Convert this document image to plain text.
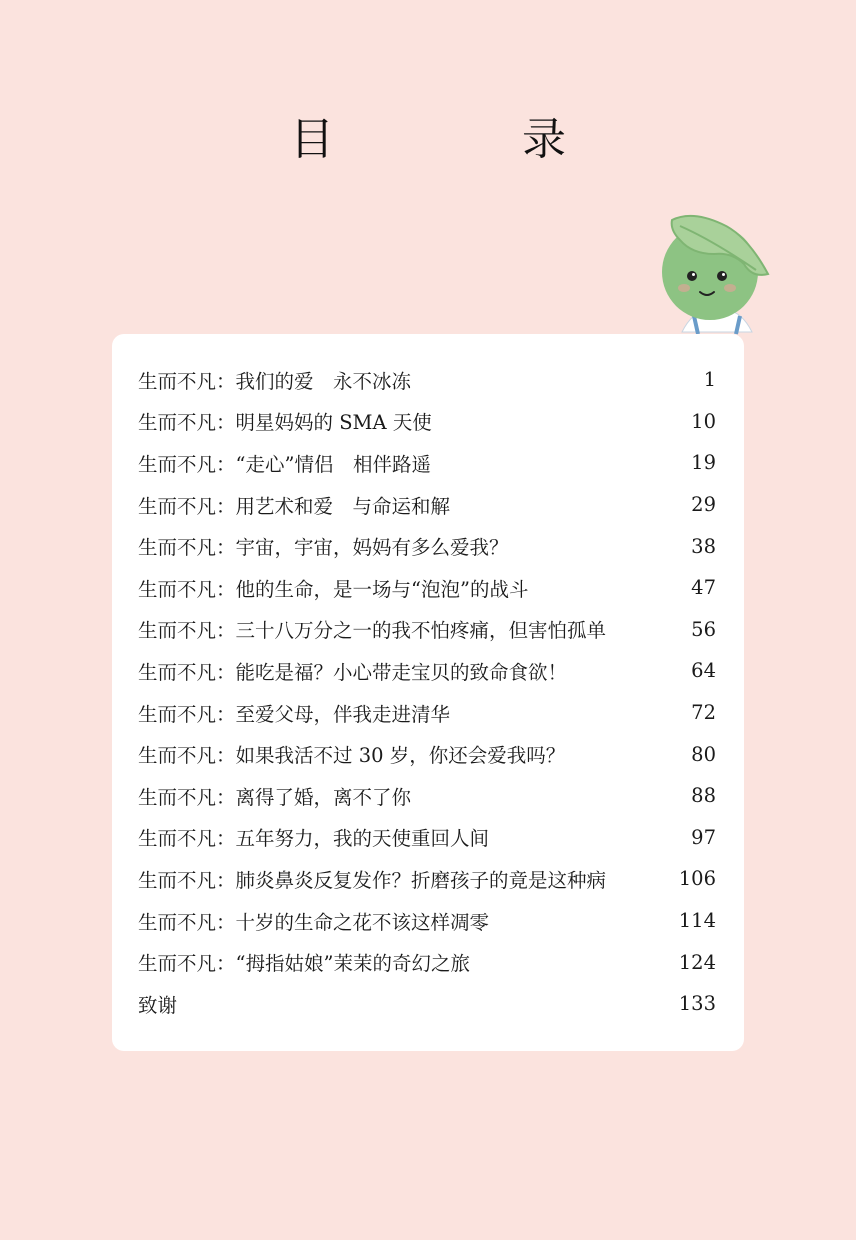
目　录
生而不凡：我们的爱　永不冰冻	1
生而不凡：明星妈妈的 SMA 天使	10
生而不凡：“走心”情侣　相伴路遥	19
生而不凡：用艺术和爱　与命运和解	29
生而不凡：宇宙，宇宙，妈妈有多么爱我？	38
生而不凡：他的生命，是一场与“泡泡”的战斗	47
生而不凡：三十八万分之一的我不怕疼痛，但害怕孤单	56
生而不凡：能吃是福？小心带走宝贝的致命食欲！	64
生而不凡：至爱父母，伴我走进清华	72
生而不凡：如果我活不过 30 岁，你还会爱我吗？	80
生而不凡：离得了婚，离不了你	88
生而不凡：五年努力，我的天使重回人间	97
生而不凡：肺炎鼻炎反复发作？折磨孩子的竟是这种病	106
生而不凡：十岁的生命之花不该这样凋零	114
生而不凡：“拇指姑娘”茉茉的奇幻之旅	124
致谢	133
